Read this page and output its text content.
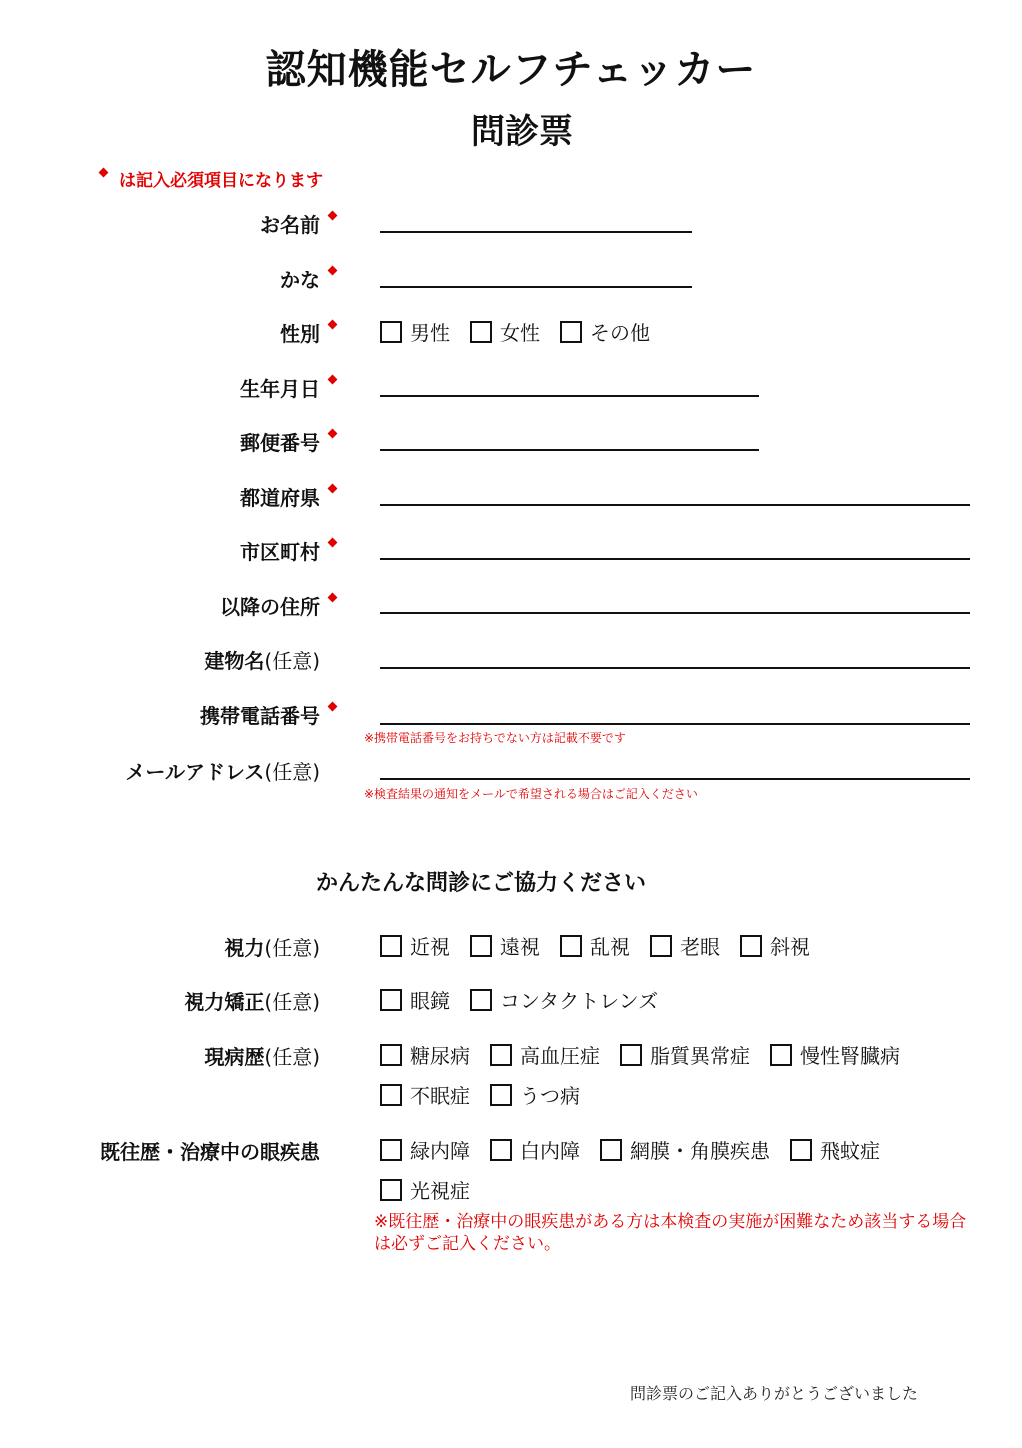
認知機能セルフチェッカー
問診票
は記入必須項目になります
お名前
かな
性別	男性	女性	その他
生年月日
郵便番号
都道府県
市区町村
以降の住所
建物名(任意)
携帯電話番号
※携帯電話番号をお持ちでない方は記載不要です
メールアドレス(任意)
※検査結果の通知をメールで希望される場合はご記入ください
かんたんな問診にご協力ください
視力(任意)	近視	遠視	乱視	老眼	斜視
視力矯正(任意)	眼鏡	コンタクトレンズ
現病歴(任意)	糖尿病	高血圧症	脂質異常症	慢性腎臓病
不眠症	うつ病
既往歴・治療中の眼疾患	緑内障	白内障	網膜・角膜疾患	飛蚊症
光視症
※既往歴・治療中の眼疾患がある方は本検査の実施が困難なため該当する場合は必ずご記入ください。
問診票のご記入ありがとうございました
